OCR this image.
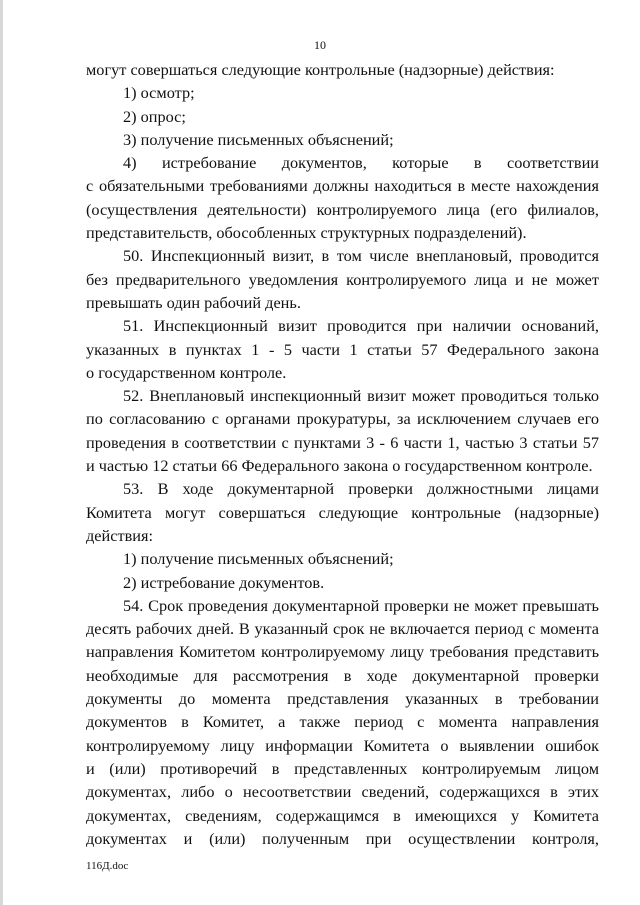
10

могут совершаться следующие контрольные (надзорные) действия:

1) осмотр;

2) опрос;

3) получение письменных объяснений;

4) истребование документов, которые в соответствии

с обязательными требованиями должны находиться в месте нахождения

(осуществления деятельности) контролируемого лица (его филиалов,

представительств, обособленных структурных подразделений).

50. Инспекционный визит, в том числе внеплановый, проводится

без предварительного уведомления контролируемого лица и не может

превышать один рабочий день.

51. Инспекционный визит проводится при наличии оснований,

указанных в пунктах 1 - 5 части 1 статьи 57 Федерального закона

о государственном контроле.

52. Внеплановый инспекционный визит может проводиться только

по согласованию с органами прокуратуры, за исключением случаев его

проведения в соответствии с пунктами 3 - 6 части 1, частью 3 статьи 57

и частью 12 статьи 66 Федерального закона о государственном контроле.

53. В ходе документарной проверки должностными лицами

Комитета могут совершаться следующие контрольные (надзорные)

действия:

1) получение письменных объяснений;

2) истребование документов.

54. Срок проведения документарной проверки не может превышать

десять рабочих дней. В указанный срок не включается период с момента

направления Комитетом контролируемому лицу требования представить

необходимые для рассмотрения в ходе документарной проверки

документы до момента представления указанных в требовании

документов в Комитет, а также период с момента направления

контролируемому лицу информации Комитета о выявлении ошибок

и (или) противоречий в представленных контролируемым лицом

документах, либо о несоответствии сведений, содержащихся в этих

документах, сведениям, содержащимся в имеющихся у Комитета

документах и (или) полученным при осуществлении контроля,

116Д.doc
